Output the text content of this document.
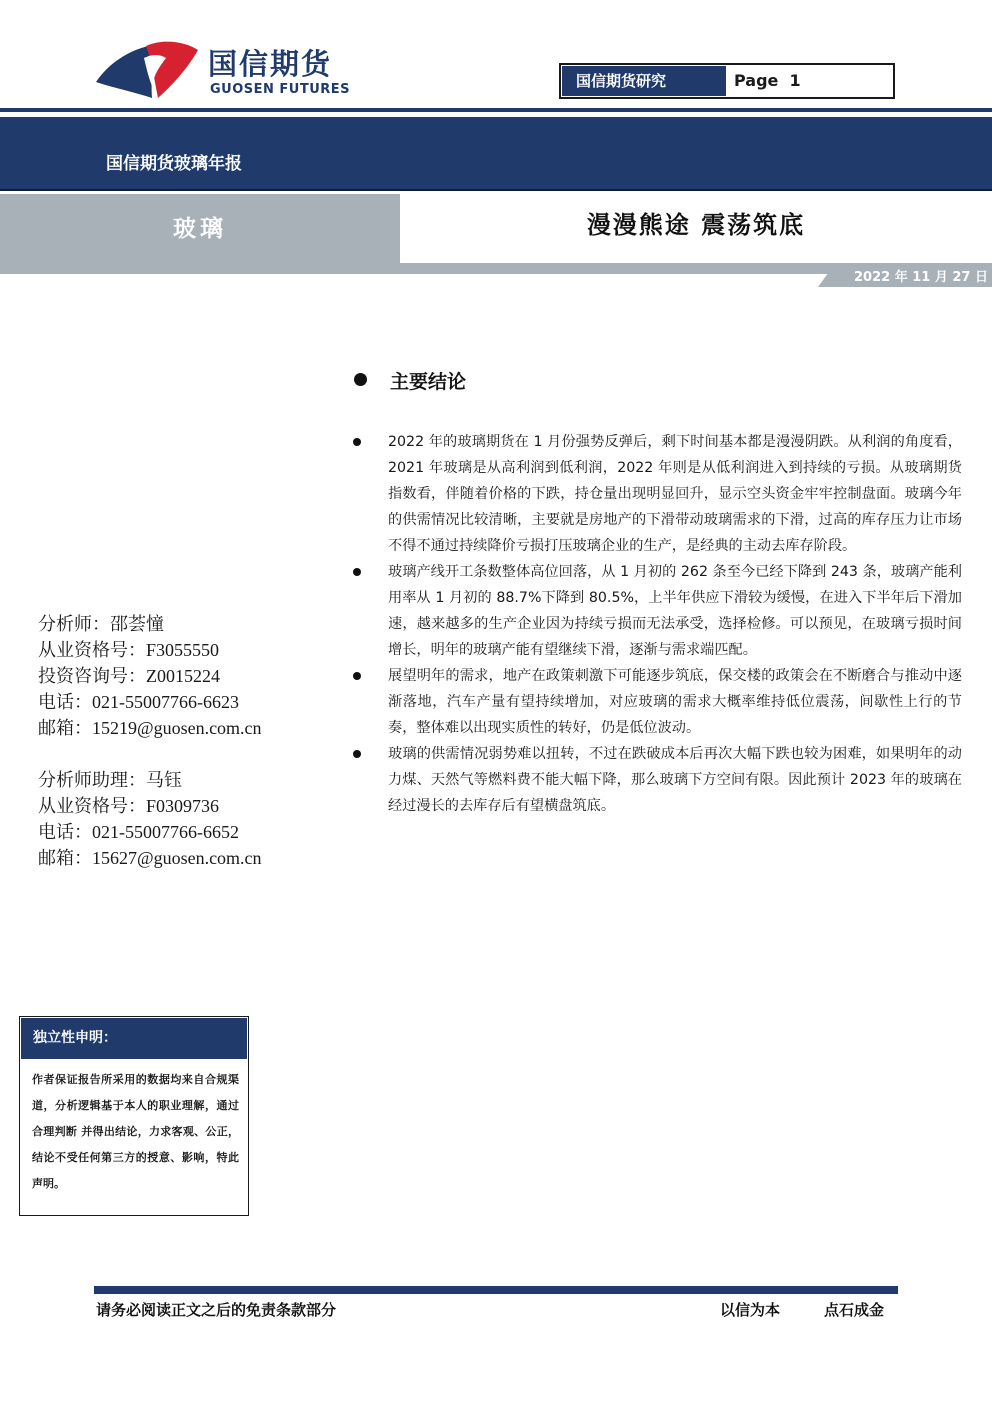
国信期货
GUOSEN FUTURES	国信期货研究	Page  1
国信期货玻璃年报
玻璃	漫漫熊途 震荡筑底
2022 年 11 月 27 日
主要结论
2022 年的玻璃期货在 1 月份强势反弹后，剩下时间基本都是漫漫阴跌。从利润的角度看，2021 年玻璃是从高利润到低利润，2022 年则是从低利润进入到持续的亏损。从玻璃期货指数看，伴随着价格的下跌，持仓量出现明显回升，显示空头资金牢牢控制盘面。玻璃今年的供需情况比较清晰，主要就是房地产的下滑带动玻璃需求的下滑，过高的库存压力让市场不得不通过持续降价亏损打压玻璃企业的生产，是经典的主动去库存阶段。
玻璃产线开工条数整体高位回落，从 1 月初的 262 条至今已经下降到 243 条，玻璃产能利用率从 1 月初的 88.7%下降到 80.5%，上半年供应下滑较为缓慢，在进入下半年后下滑加速，越来越多的生产企业因为持续亏损而无法承受，选择检修。可以预见，在玻璃亏损时间增长，明年的玻璃产能有望继续下滑，逐渐与需求端匹配。
展望明年的需求，地产在政策刺激下可能逐步筑底，保交楼的政策会在不断磨合与推动中逐渐落地，汽车产量有望持续增加，对应玻璃的需求大概率维持低位震荡，间歇性上行的节奏，整体难以出现实质性的转好，仍是低位波动。
玻璃的供需情况弱势难以扭转，不过在跌破成本后再次大幅下跌也较为困难，如果明年的动力煤、天然气等燃料费不能大幅下降，那么玻璃下方空间有限。因此预计 2023 年的玻璃在经过漫长的去库存后有望横盘筑底。
分析师：邵荟憧
从业资格号：F3055550
投资咨询号：Z0015224
电话：021-55007766-6623
邮箱：15219@guosen.com.cn
分析师助理：马钰
从业资格号：F0309736
电话：021-55007766-6652
邮箱：15627@guosen.com.cn
独立性申明：
作者保证报告所采用的数据均来自合规渠道，分析逻辑基于本人的职业理解，通过合理判断 并得出结论，力求客观、公正，结论不受任何第三方的授意、影响，特此声明。
请务必阅读正文之后的免责条款部分	以信为本	点石成金
